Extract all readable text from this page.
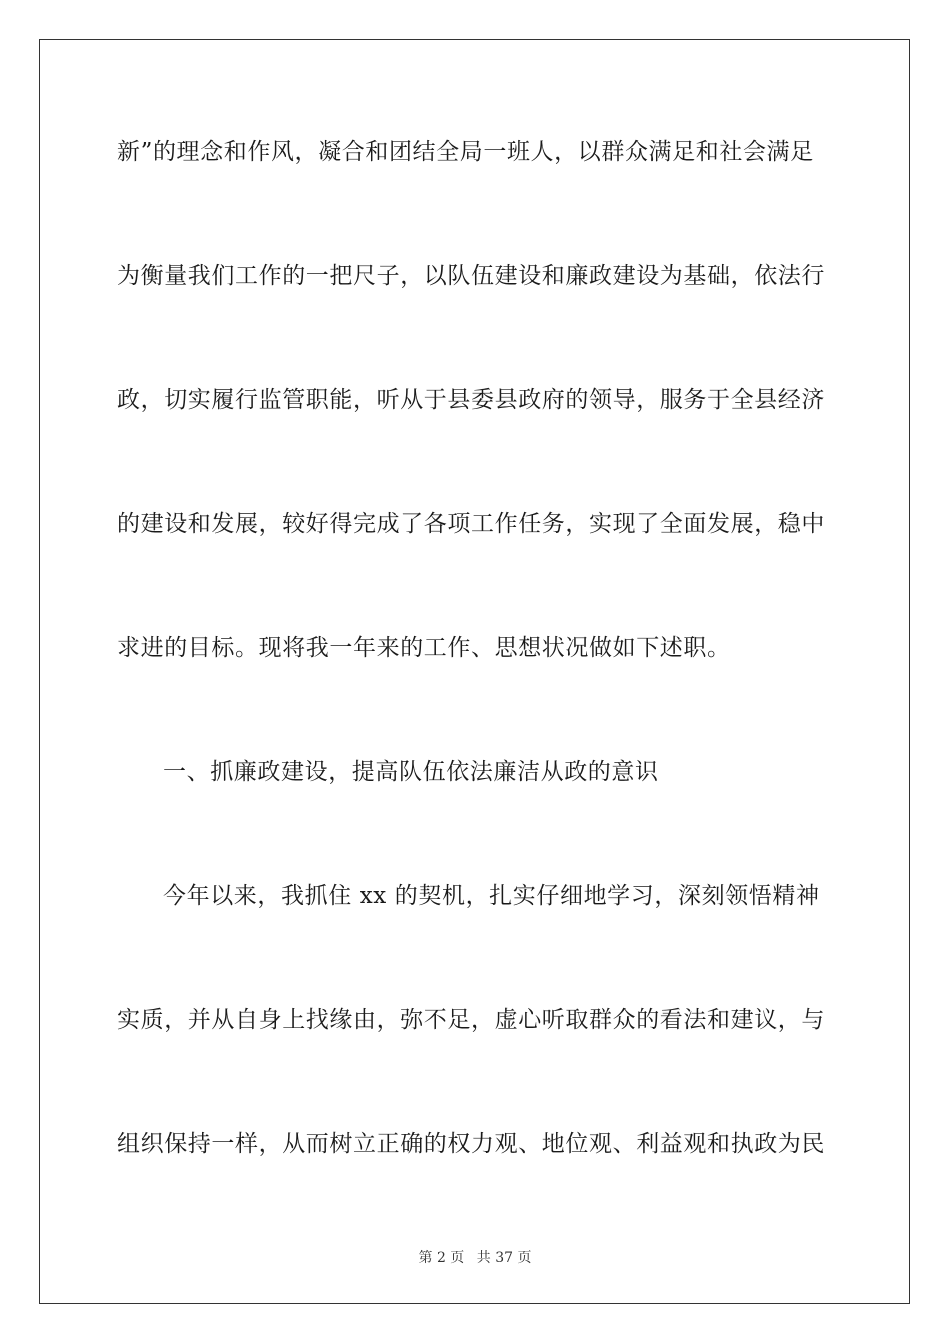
新”的理念和作风，凝合和团结全局一班人，以群众满足和社会满足
为衡量我们工作的一把尺子，以队伍建设和廉政建设为基础，依法行
政，切实履行监管职能，听从于县委县政府的领导，服务于全县经济
的建设和发展，较好得完成了各项工作任务，实现了全面发展，稳中
求进的目标。现将我一年来的工作、思想状况做如下述职。
一、抓廉政建设，提高队伍依法廉洁从政的意识
今年以来，我抓住 xx 的契机，扎实仔细地学习，深刻领悟精神
实质，并从自身上找缘由，弥不足，虚心听取群众的看法和建议，与
组织保持一样，从而树立正确的权力观、地位观、利益观和执政为民
第 2 页 共 37 页
